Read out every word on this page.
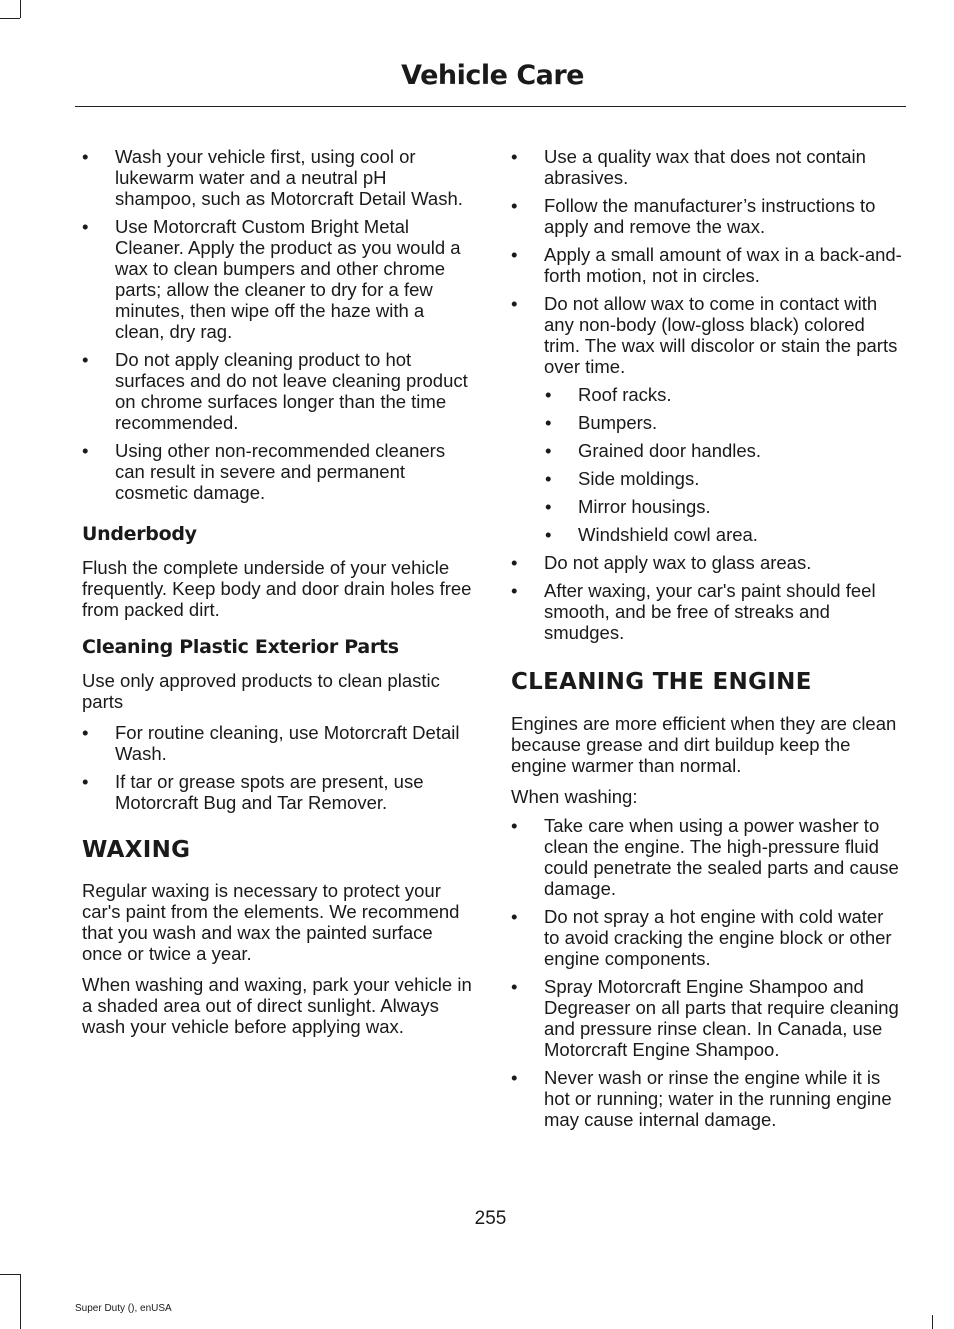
Vehicle Care
• Wash your vehicle first, using cool or lukewarm water and a neutral pH shampoo, such as Motorcraft Detail Wash.
• Use Motorcraft Custom Bright Metal Cleaner. Apply the product as you would a wax to clean bumpers and other chrome parts; allow the cleaner to dry for a few minutes, then wipe off the haze with a clean, dry rag.
• Do not apply cleaning product to hot surfaces and do not leave cleaning product on chrome surfaces longer than the time recommended.
• Using other non-recommended cleaners can result in severe and permanent cosmetic damage.
Underbody

Flush the complete underside of your vehicle frequently. Keep body and door drain holes free from packed dirt.

Cleaning Plastic Exterior Parts

Use only approved products to clean plastic parts

• For routine cleaning, use Motorcraft Detail Wash.
• If tar or grease spots are present, use Motorcraft Bug and Tar Remover.
WAXING

Regular waxing is necessary to protect your car's paint from the elements. We recommend that you wash and wax the painted surface once or twice a year.

When washing and waxing, park your vehicle in a shaded area out of direct sunlight. Always wash your vehicle before applying wax.

• Use a quality wax that does not contain abrasives.
• Follow the manufacturer’s instructions to apply and remove the wax.
• Apply a small amount of wax in a back-and-forth motion, not in circles.
• Do not allow wax to come in contact with any non-body (low-gloss black) colored trim. The wax will discolor or stain the parts over time.
• Roof racks.
• Bumpers.
• Grained door handles.
• Side moldings.
• Mirror housings.
• Windshield cowl area.
• Do not apply wax to glass areas.
• After waxing, your car's paint should feel smooth, and be free of streaks and smudges.
CLEANING THE ENGINE

Engines are more efficient when they are clean because grease and dirt buildup keep the engine warmer than normal.

When washing:

• Take care when using a power washer to clean the engine. The high-pressure fluid could penetrate the sealed parts and cause damage.
• Do not spray a hot engine with cold water to avoid cracking the engine block or other engine components.
• Spray Motorcraft Engine Shampoo and Degreaser on all parts that require cleaning and pressure rinse clean. In Canada, use Motorcraft Engine Shampoo.
• Never wash or rinse the engine while it is hot or running; water in the running engine may cause internal damage.
255
Super Duty (), enUSA
